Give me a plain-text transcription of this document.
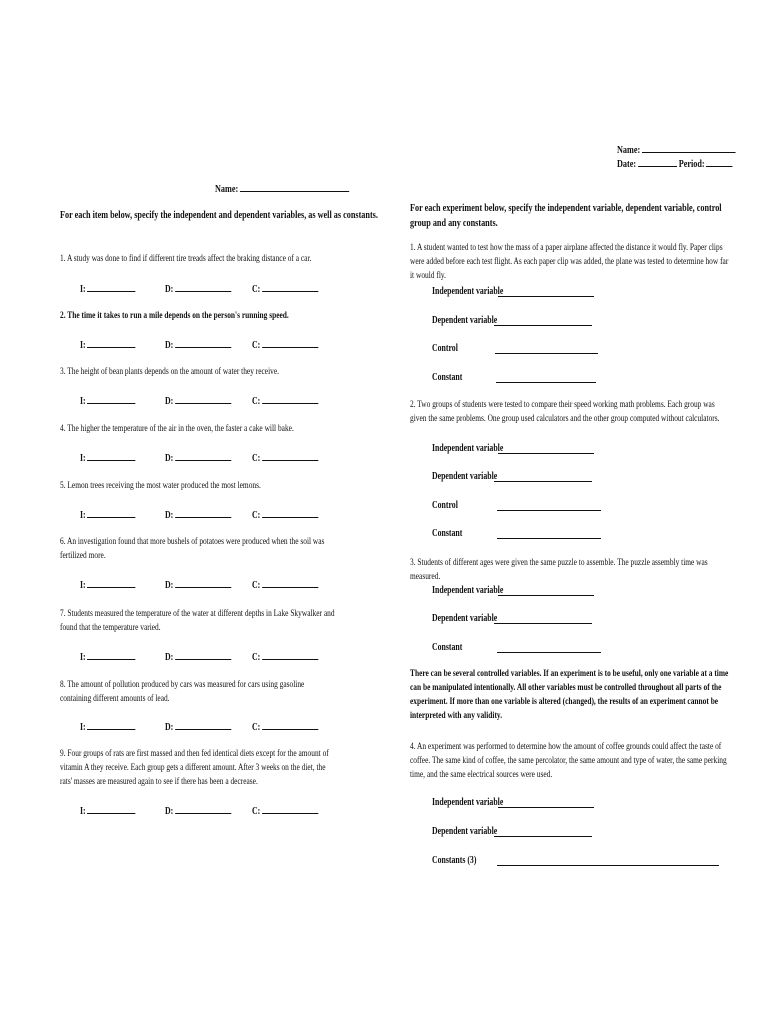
Name:
Date:	Period:
Name:
For each item below, specify the independent and dependent variables, as well as constants.
1. A study was done to find if different tire treads affect the braking distance of a car.
I:	D:	C:
2. The time it takes to run a mile depends on the person's running speed.
I:	D:	C:
3. The height of bean plants depends on the amount of water they receive.
I:	D:	C:
4. The higher the temperature of the air in the oven, the faster a cake will bake.
I:	D:	C:
5. Lemon trees receiving the most water produced the most lemons.
I:	D:	C:
6. An investigation found that more bushels of potatoes were produced when the soil was fertilized more.
I:	D:	C:
7. Students measured the temperature of the water at different depths in Lake Skywalker and found that the temperature varied.
I:	D:	C:
8. The amount of pollution produced by cars was measured for cars using gasoline containing different amounts of lead.
I:	D:	C:
9. Four groups of rats are first massed and then fed identical diets except for the amount of vitamin A they receive. Each group gets a different amount. After 3 weeks on the diet, the rats' masses are measured again to see if there has been a decrease.
I:	D:	C:
For each experiment below, specify the independent variable, dependent variable, control group and any constants.
1. A student wanted to test how the mass of a paper airplane affected the distance it would fly. Paper clips were added before each test flight. As each paper clip was added, the plane was tested to determine how far it would fly.
Independent variable
Dependent variable
Control
Constant
2. Two groups of students were tested to compare their speed working math problems. Each group was given the same problems. One group used calculators and the other group computed without calculators.
Independent variable
Dependent variable
Control
Constant
3. Students of different ages were given the same puzzle to assemble. The puzzle assembly time was measured.
Independent variable
Dependent variable
Constant
There can be several controlled variables. If an experiment is to be useful, only one variable at a time can be manipulated intentionally. All other variables must be controlled throughout all parts of the experiment. If more than one variable is altered (changed), the results of an experiment cannot be interpreted with any validity.
4. An experiment was performed to determine how the amount of coffee grounds could affect the taste of coffee. The same kind of coffee, the same percolator, the same amount and type of water, the same perking time, and the same electrical sources were used.
Independent variable
Dependent variable
Constants (3)
